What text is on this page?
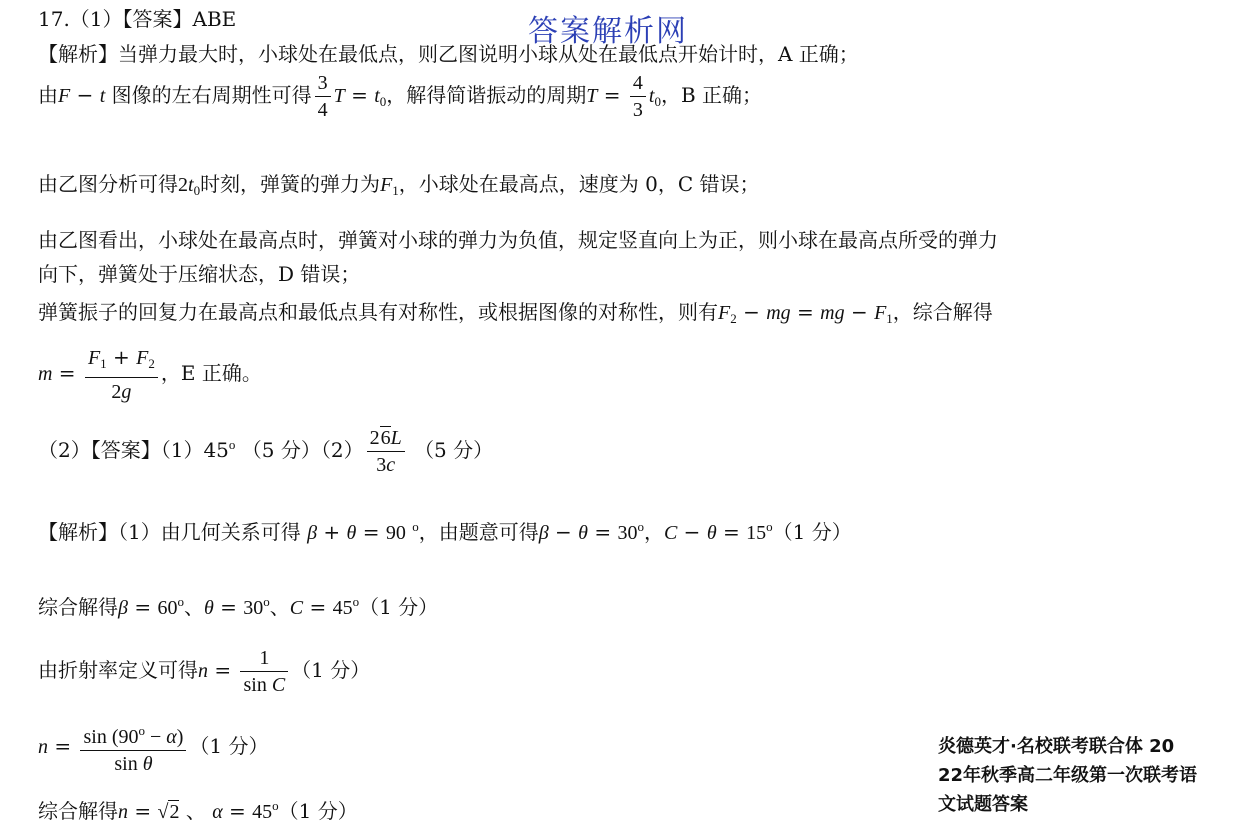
答案解析网
17.（1）【答案】ABE
【解析】当弹力最大时，小球处在最低点，则乙图说明小球从处在最低点开始计时，A 正确；
由F − t 图像的左右周期性可得 $\frac{3}{4}$ $T = t_0$，解得简谐振动的周期$T = \frac{4}{3} t_0$，B 正确；
由乙图分析可得$2t_0$时刻，弹簧的弹力为$F_1$，小球处在最高点，速度为 0，C 错误；
由乙图看出，小球处在最高点时，弹簧对小球的弹力为负值，规定竖直向上为正，则小球在最高点所受的弹力
向下，弹簧处于压缩状态，D 错误；
弹簧振子的回复力在最高点和最低点具有对称性，或根据图像的对称性，则有$F_2$ − mg = mg − $F_1$，综合解得
$m = \frac{F_1 + F_2}{2g}$ ，E 正确。
（2）【答案】（1）45$^o$ （5 分）$(2) \frac{26L}{3c} (5$ 分）
【解析】（1）由几何关系可得 β + θ = 90 $^o$，由题意可得$\beta - \theta = 30^o$，$C - \theta = 15^o(1$ 分）
综合解得$\beta = 60^o$、$\theta = 30^o$、$C = 45^o(1$ 分）
由折射率定义可得$n = \frac{1}{\text{sin C}} (1$ 分）
$n = \frac{\sin (90^o - \alpha)}{\text{sin θ}} (1$ 分）
综合解得n = √2 、 $\alpha = 45^o(1$ 分）
炎德英才·名校联考联合体 20
22年秋季高二年级第一次联考语
文试题答案
